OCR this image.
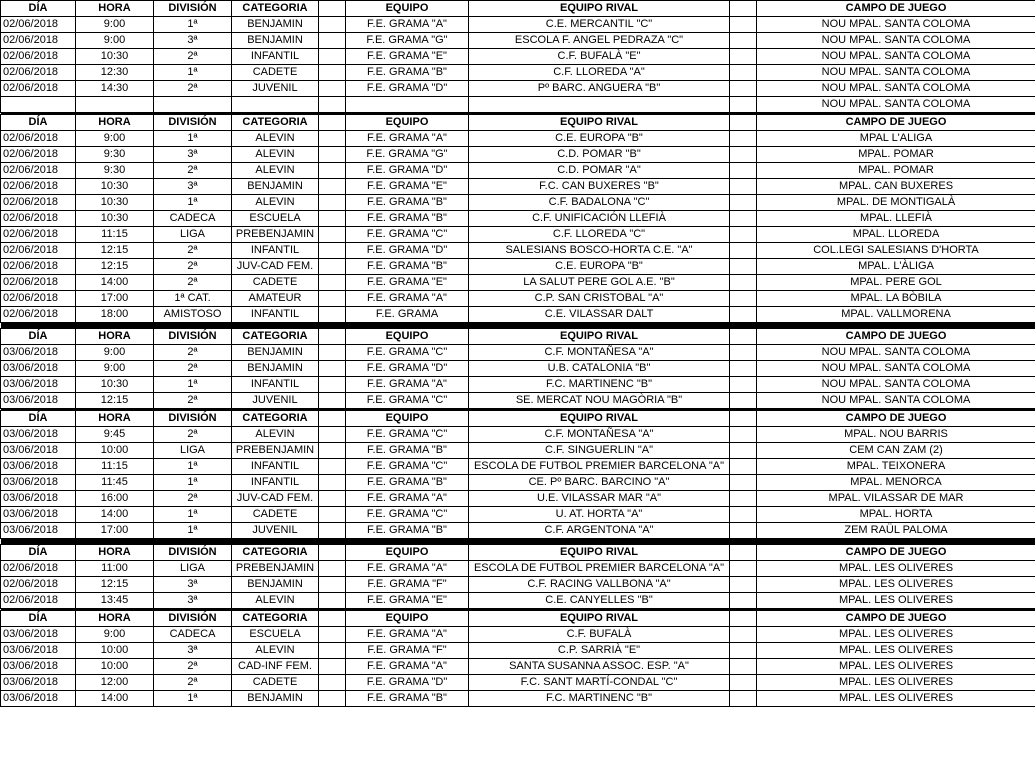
DÍA	HORA	DIVISIÓN	CATEGORIA		EQUIPO	EQUIPO RIVAL		CAMPO DE JUEGO
02/06/2018	9:00	1ª	BENJAMIN		F.E. GRAMA "A"	C.E. MERCANTIL "C"		NOU MPAL. SANTA COLOMA
02/06/2018	9:00	3ª	BENJAMIN		F.E. GRAMA "G"	ESCOLA F. ANGEL PEDRAZA "C"		NOU MPAL. SANTA COLOMA
02/06/2018	10:30	2ª	INFANTIL		F.E. GRAMA "E"	C.F. BUFALÀ "E"		NOU MPAL. SANTA COLOMA
02/06/2018	12:30	1ª	CADETE		F.E. GRAMA "B"	C.F. LLOREDA "A"		NOU MPAL. SANTA COLOMA
02/06/2018	14:30	2ª	JUVENIL		F.E. GRAMA "D"	Pº BARC. ANGUERA "B"		NOU MPAL. SANTA COLOMA
								NOU MPAL. SANTA COLOMA

DÍA	HORA	DIVISIÓN	CATEGORIA		EQUIPO	EQUIPO RIVAL		CAMPO DE JUEGO
02/06/2018	9:00	1ª	ALEVIN		F.E. GRAMA "A"	C.E. EUROPA "B"		MPAL L'ALIGA
02/06/2018	9:30	3ª	ALEVIN		F.E. GRAMA "G"	C.D. POMAR "B"		MPAL. POMAR
02/06/2018	9:30	2ª	ALEVIN		F.E. GRAMA "D"	C.D. POMAR "A"		MPAL. POMAR
02/06/2018	10:30	3ª	BENJAMIN		F.E. GRAMA "E"	F.C. CAN BUXERES "B"		MPAL. CAN BUXERES
02/06/2018	10:30	1ª	ALEVIN		F.E. GRAMA "B"	C.F. BADALONA "C"		MPAL. DE MONTIGALÀ
02/06/2018	10:30	CADECA	ESCUELA		F.E. GRAMA "B"	C.F. UNIFICACIÓN LLEFIÀ		MPAL. LLEFIÀ
02/06/2018	11:15	LIGA	PREBENJAMIN		F.E. GRAMA "C"	C.F. LLOREDA "C"		MPAL. LLOREDA
02/06/2018	12:15	2ª	INFANTIL		F.E. GRAMA "D"	SALESIANS BOSCO-HORTA C.E. "A"		COL.LEGI SALESIANS D'HORTA
02/06/2018	12:15	2ª	JUV-CAD FEM.		F.E. GRAMA "B"	C.E. EUROPA "B"		MPAL. L'ÀLIGA
02/06/2018	14:00	2ª	CADETE		F.E. GRAMA "E"	LA SALUT PERE GOL A.E. "B"		MPAL. PERE GOL
02/06/2018	17:00	1ª CAT.	AMATEUR		F.E. GRAMA "A"	C.P. SAN CRISTOBAL "A"		MPAL. LA BÒBILA
02/06/2018	18:00	AMISTOSO	INFANTIL		F.E. GRAMA	C.E. VILASSAR DALT		MPAL. VALLMORENA

DÍA	HORA	DIVISIÓN	CATEGORIA		EQUIPO	EQUIPO RIVAL		CAMPO DE JUEGO
03/06/2018	9:00	2ª	BENJAMIN		F.E. GRAMA "C"	C.F. MONTAÑESA "A"		NOU MPAL. SANTA COLOMA
03/06/2018	9:00	2ª	BENJAMIN		F.E. GRAMA "D"	U.B. CATALONIA "B"		NOU MPAL. SANTA COLOMA
03/06/2018	10:30	1ª	INFANTIL		F.E. GRAMA "A"	F.C. MARTINENC "B"		NOU MPAL. SANTA COLOMA
03/06/2018	12:15	2ª	JUVENIL		F.E. GRAMA "C"	SE. MERCAT NOU MAGÒRIA "B"		NOU MPAL. SANTA COLOMA

DÍA	HORA	DIVISIÓN	CATEGORIA		EQUIPO	EQUIPO RIVAL		CAMPO DE JUEGO
03/06/2018	9:45	2ª	ALEVIN		F.E. GRAMA "C"	C.F. MONTAÑESA "A"		MPAL. NOU BARRIS
03/06/2018	10:00	LIGA	PREBENJAMIN		F.E. GRAMA "B"	C.F. SINGUERLIN "A"		CEM CAN ZAM (2)
03/06/2018	11:15	1ª	INFANTIL		F.E. GRAMA "C"	ESCOLA DE FUTBOL PREMIER BARCELONA "A"		MPAL. TEIXONERA
03/06/2018	11:45	1ª	INFANTIL		F.E. GRAMA "B"	CE. Pº BARC. BARCINO "A"		MPAL. MENORCA
03/06/2018	16:00	2ª	JUV-CAD FEM.		F.E. GRAMA "A"	U.E. VILASSAR MAR "A"		MPAL. VILASSAR DE MAR
03/06/2018	14:00	1ª	CADETE		F.E. GRAMA "C"	U. AT. HORTA "A"		MPAL. HORTA
03/06/2018	17:00	1ª	JUVENIL		F.E. GRAMA "B"	C.F. ARGENTONA "A"		ZEM RAÜL PALOMA

DÍA	HORA	DIVISIÓN	CATEGORIA		EQUIPO	EQUIPO RIVAL		CAMPO DE JUEGO
02/06/2018	11:00	LIGA	PREBENJAMIN		F.E. GRAMA "A"	ESCOLA DE FUTBOL PREMIER BARCELONA "A"		MPAL. LES OLIVERES
02/06/2018	12:15	3ª	BENJAMIN		F.E. GRAMA "F"	C.F. RACING VALLBONA "A"		MPAL. LES OLIVERES
02/06/2018	13:45	3ª	ALEVIN		F.E. GRAMA "E"	C.E. CANYELLES "B"		MPAL. LES OLIVERES

DÍA	HORA	DIVISIÓN	CATEGORIA		EQUIPO	EQUIPO RIVAL		CAMPO DE JUEGO
03/06/2018	9:00	CADECA	ESCUELA		F.E. GRAMA "A"	C.F. BUFALÀ		MPAL. LES OLIVERES
03/06/2018	10:00	3ª	ALEVIN		F.E. GRAMA "F"	C.P. SARRIÀ "E"		MPAL. LES OLIVERES
03/06/2018	10:00	2ª	CAD-INF FEM.		F.E. GRAMA "A"	SANTA SUSANNA ASSOC. ESP. "A"		MPAL. LES OLIVERES
03/06/2018	12:00	2ª	CADETE		F.E. GRAMA "D"	F.C. SANT MARTÍ-CONDAL "C"		MPAL. LES OLIVERES
03/06/2018	14:00	1ª	BENJAMIN		F.E. GRAMA "B"	F.C. MARTINENC "B"		MPAL. LES OLIVERES
